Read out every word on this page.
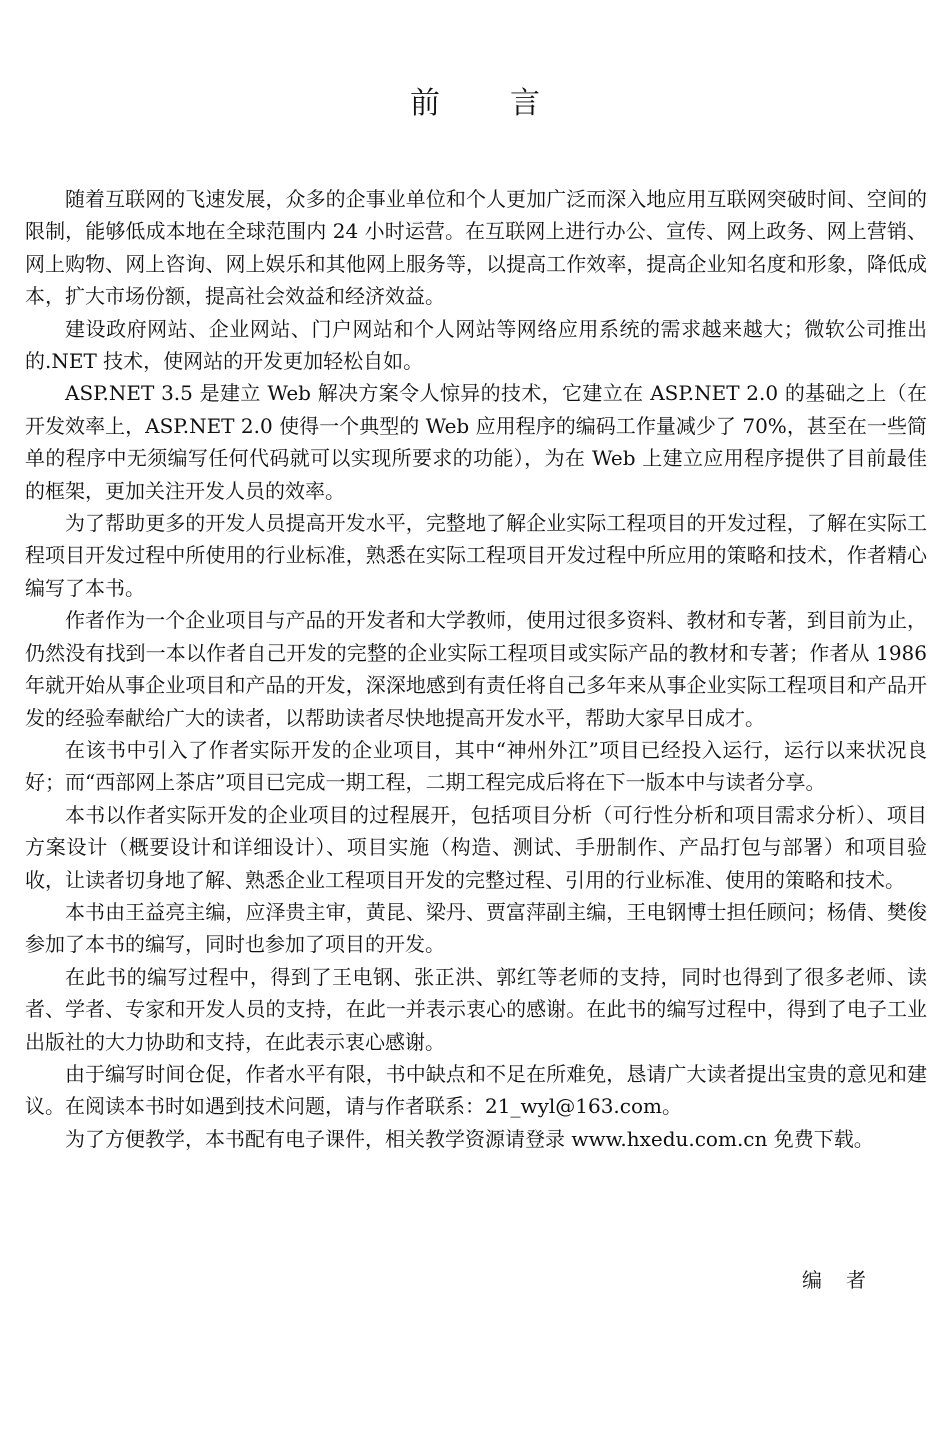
前言

随着互联网的飞速发展，众多的企事业单位和个人更加广泛而深入地应用互联网突破时间、空间的限制，能够低成本地在全球范围内 24 小时运营。在互联网上进行办公、宣传、网上政务、网上营销、网上购物、网上咨询、网上娱乐和其他网上服务等，以提高工作效率，提高企业知名度和形象，降低成本，扩大市场份额，提高社会效益和经济效益。

建设政府网站、企业网站、门户网站和个人网站等网络应用系统的需求越来越大；微软公司推出的.NET 技术，使网站的开发更加轻松自如。

ASP.NET 3.5 是建立 Web 解决方案令人惊异的技术，它建立在 ASP.NET 2.0 的基础之上（在开发效率上，ASP.NET 2.0 使得一个典型的 Web 应用程序的编码工作量减少了 70%，甚至在一些简单的程序中无须编写任何代码就可以实现所要求的功能），为在 Web 上建立应用程序提供了目前最佳的框架，更加关注开发人员的效率。

为了帮助更多的开发人员提高开发水平，完整地了解企业实际工程项目的开发过程，了解在实际工程项目开发过程中所使用的行业标准，熟悉在实际工程项目开发过程中所应用的策略和技术，作者精心编写了本书。

作者作为一个企业项目与产品的开发者和大学教师，使用过很多资料、教材和专著，到目前为止，仍然没有找到一本以作者自己开发的完整的企业实际工程项目或实际产品的教材和专著；作者从 1986 年就开始从事企业项目和产品的开发，深深地感到有责任将自己多年来从事企业实际工程项目和产品开发的经验奉献给广大的读者，以帮助读者尽快地提高开发水平，帮助大家早日成才。

在该书中引入了作者实际开发的企业项目，其中“神州外江”项目已经投入运行，运行以来状况良好；而“西部网上茶店”项目已完成一期工程，二期工程完成后将在下一版本中与读者分享。

本书以作者实际开发的企业项目的过程展开，包括项目分析（可行性分析和项目需求分析）、项目方案设计（概要设计和详细设计）、项目实施（构造、测试、手册制作、产品打包与部署）和项目验收，让读者切身地了解、熟悉企业工程项目开发的完整过程、引用的行业标准、使用的策略和技术。

本书由王益亮主编，应泽贵主审，黄昆、梁丹、贾富萍副主编，王电钢博士担任顾问；杨倩、樊俊参加了本书的编写，同时也参加了项目的开发。

在此书的编写过程中，得到了王电钢、张正洪、郭红等老师的支持，同时也得到了很多老师、读者、学者、专家和开发人员的支持，在此一并表示衷心的感谢。在此书的编写过程中，得到了电子工业出版社的大力协助和支持，在此表示衷心感谢。

由于编写时间仓促，作者水平有限，书中缺点和不足在所难免，恳请广大读者提出宝贵的意见和建议。在阅读本书时如遇到技术问题，请与作者联系：21_wyl@163.com。

为了方便教学，本书配有电子课件，相关教学资源请登录 www.hxedu.com.cn 免费下载。

编者
